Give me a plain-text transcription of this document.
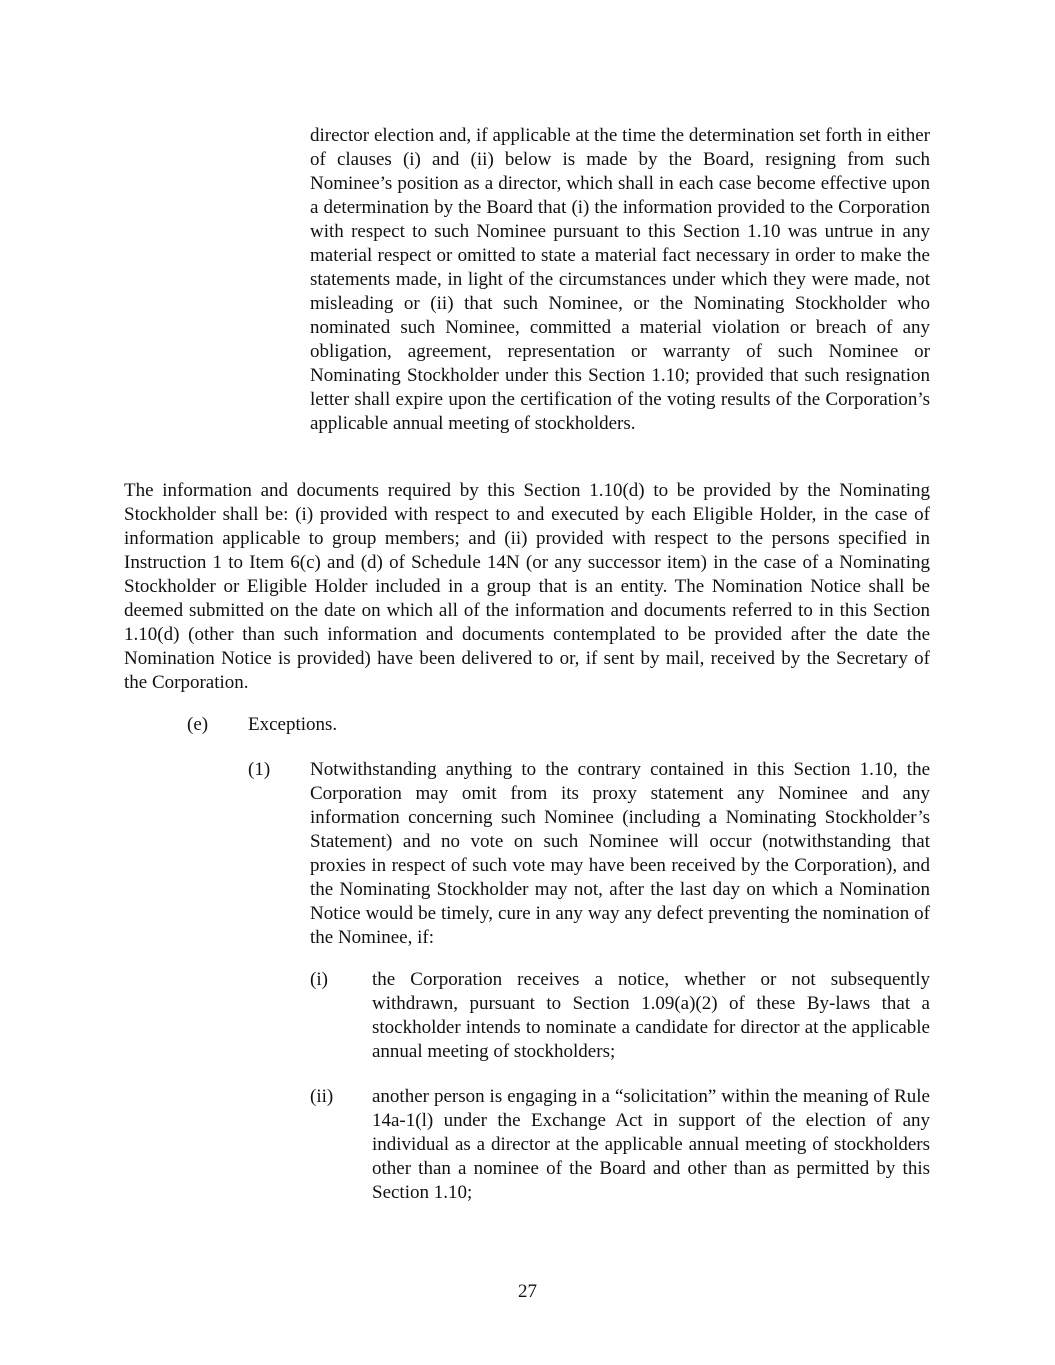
director election and, if applicable at the time the determination set forth in either of clauses (i) and (ii) below is made by the Board, resigning from such Nominee’s position as a director, which shall in each case become effective upon a determination by the Board that (i) the information provided to the Corporation with respect to such Nominee pursuant to this Section 1.10 was untrue in any material respect or omitted to state a material fact necessary in order to make the statements made, in light of the circumstances under which they were made, not misleading or (ii) that such Nominee, or the Nominating Stockholder who nominated such Nominee, committed a material violation or breach of any obligation, agreement, representation or warranty of such Nominee or Nominating Stockholder under this Section 1.10; provided that such resignation letter shall expire upon the certification of the voting results of the Corporation’s applicable annual meeting of stockholders.

The information and documents required by this Section 1.10(d) to be provided by the Nominating Stockholder shall be: (i) provided with respect to and executed by each Eligible Holder, in the case of information applicable to group members; and (ii) provided with respect to the persons specified in Instruction 1 to Item 6(c) and (d) of Schedule 14N (or any successor item) in the case of a Nominating Stockholder or Eligible Holder included in a group that is an entity. The Nomination Notice shall be deemed submitted on the date on which all of the information and documents referred to in this Section 1.10(d) (other than such information and documents contemplated to be provided after the date the Nomination Notice is provided) have been delivered to or, if sent by mail, received by the Secretary of the Corporation.

(e) Exceptions.
(1) Notwithstanding anything to the contrary contained in this Section 1.10, the Corporation may omit from its proxy statement any Nominee and any information concerning such Nominee (including a Nominating Stockholder’s Statement) and no vote on such Nominee will occur (notwithstanding that proxies in respect of such vote may have been received by the Corporation), and the Nominating Stockholder may not, after the last day on which a Nomination Notice would be timely, cure in any way any defect preventing the nomination of the Nominee, if:

(i) the Corporation receives a notice, whether or not subsequently withdrawn, pursuant to Section 1.09(a)(2) of these By-laws that a stockholder intends to nominate a candidate for director at the applicable annual meeting of stockholders;

(ii) another person is engaging in a “solicitation” within the meaning of Rule 14a-1(l) under the Exchange Act in support of the election of any individual as a director at the applicable annual meeting of stockholders other than a nominee of the Board and other than as permitted by this Section 1.10;

27
